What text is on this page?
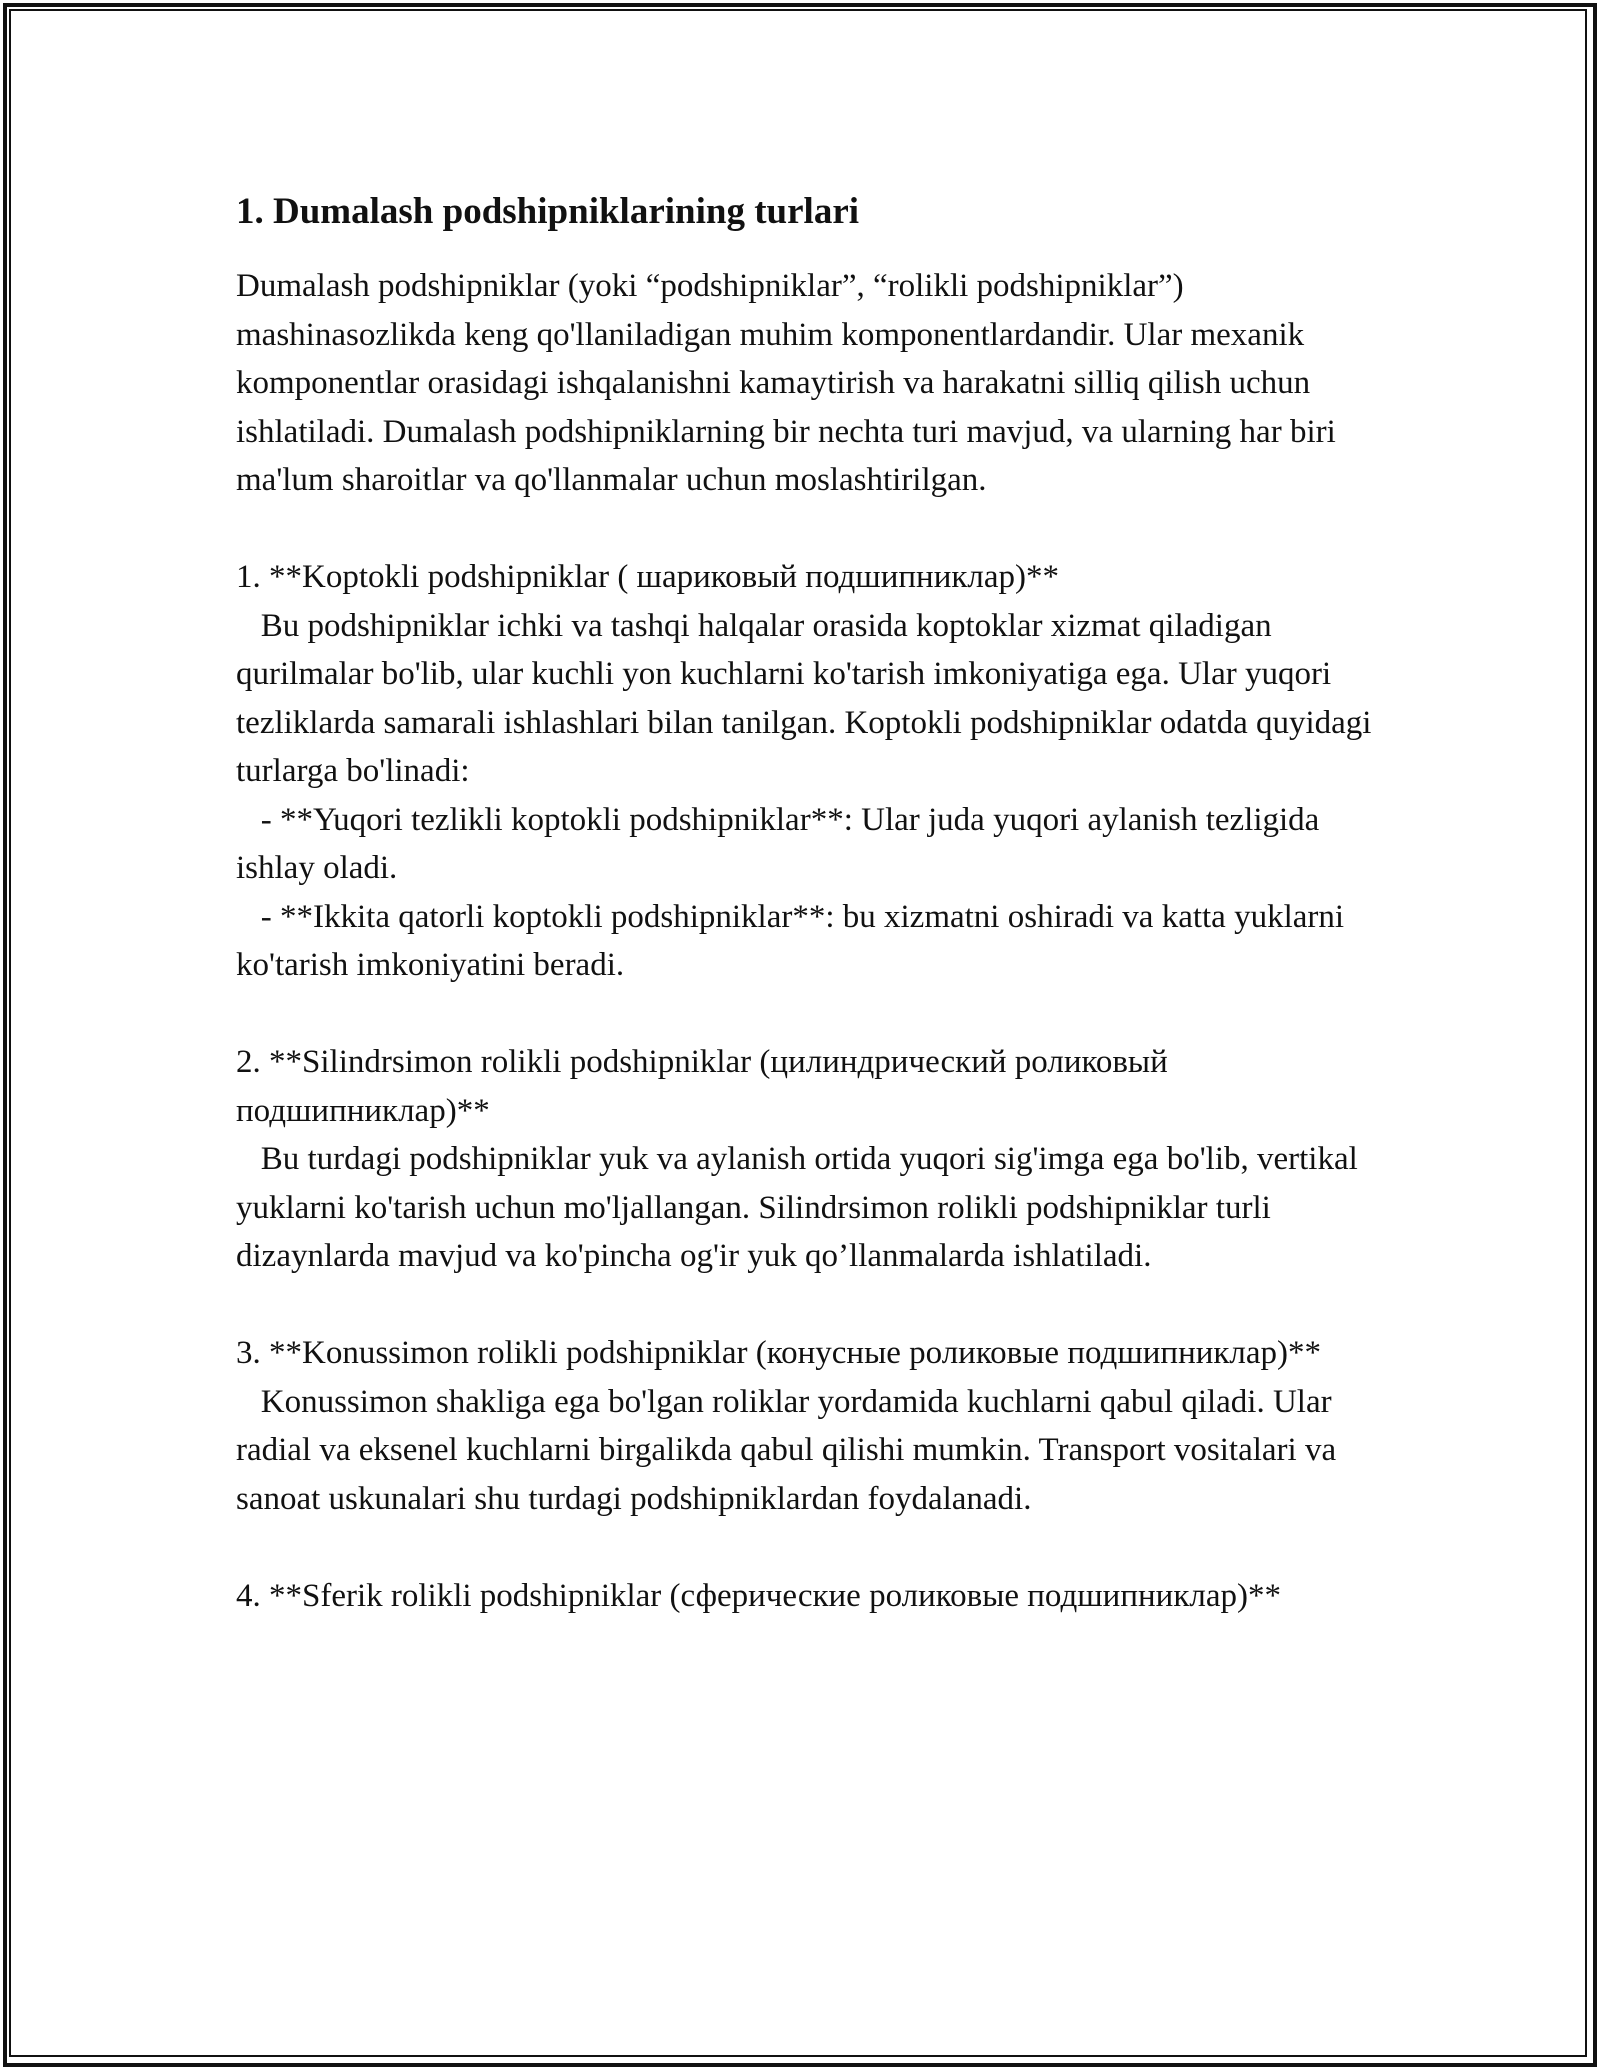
1. Dumalash podshipniklarining turlari

Dumalash podshipniklar (yoki “podshipniklar”, “rolikli podshipniklar”) mashinasozlikda keng qo'llaniladigan muhim komponentlardandir. Ular mexanik komponentlar orasidagi ishqalanishni kamaytirish va harakatni silliq qilish uchun ishlatiladi. Dumalash podshipniklarning bir nechta turi mavjud, va ularning har biri ma'lum sharoitlar va qo'llanmalar uchun moslashtirilgan.

1. **Koptokli podshipniklar ( шариковый подшипниклар)**

Bu podshipniklar ichki va tashqi halqalar orasida koptoklar xizmat qiladigan qurilmalar bo'lib, ular kuchli yon kuchlarni ko'tarish imkoniyatiga ega. Ular yuqori tezliklarda samarali ishlashlari bilan tanilgan. Koptokli podshipniklar odatda quyidagi turlarga bo'linadi:

- **Yuqori tezlikli koptokli podshipniklar**: Ular juda yuqori aylanish tezligida ishlay oladi.

- **Ikkita qatorli koptokli podshipniklar**: bu xizmatni oshiradi va katta yuklarni ko'tarish imkoniyatini beradi.

2. **Silindrsimon rolikli podshipniklar (цилиндрический роликовый подшипниклар)**

Bu turdagi podshipniklar yuk va aylanish ortida yuqori sig'imga ega bo'lib, vertikal yuklarni ko'tarish uchun mo'ljallangan. Silindrsimon rolikli podshipniklar turli dizaynlarda mavjud va ko'pincha og'ir yuk qo’llanmalarda ishlatiladi.

3. **Konussimon rolikli podshipniklar (конусные роликовые подшипниклар)**

Konussimon shakliga ega bo'lgan roliklar yordamida kuchlarni qabul qiladi. Ular radial va eksenel kuchlarni birgalikda qabul qilishi mumkin. Transport vositalari va sanoat uskunalari shu turdagi podshipniklardan foydalanadi.

4. **Sferik rolikli podshipniklar (сферические роликовые подшипниклар)**
